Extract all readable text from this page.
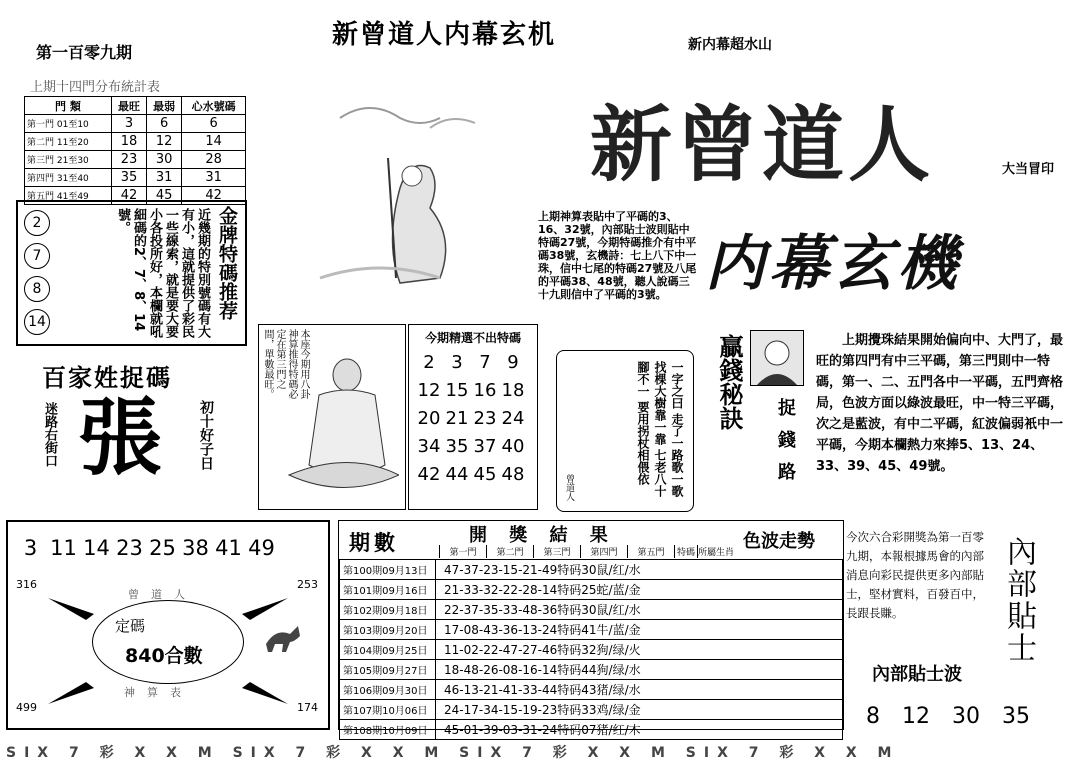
新曾道人内幕玄机
第一百零九期	新内幕超水山
上期十四門分布統計表
門 類	最旺	最弱	心水號碼
第一門 01至10	3	6	6
第二門 11至20	18	12	14
第三門 21至30	23	30	28
第四門 31至40	35	31	31
第五門 41至49	42	45	42
2
7
8
14	近幾期的特別號碼有大有小，這就提供了彩民一些線索，就是要大要小各投所好，本欄就吼細碼的2、7、8、14號。	金牌特碼推荐
百家姓捉碼
迷路右街口 張	初十好子日
上期神算表貼中了平碼的3、16、32號，內部貼士波則貼中特碼27號，今期特碼推介有中平碼38號，玄機詩：七上八下中一珠，信中七尾的特碼27號及八尾的平碼38、48號，聽人說碼三十九則信中了平碼的3號。
新曾道人	大当冒印
内幕玄機
本座今期用八卦神算推得特碼必定在第三門之間，單數最旺。	今期精選不出特碼
2 3 7 9
12 15 16 18
20 21 23 24
34 35 37 40
42 44 45 48	一字之曰 走了一路歌一歌 找棵大樹靠一靠 七老八十腳不一 要用拐杖相偎依
曾道人
贏錢秘訣
捉錢路
上期攪珠結果開始偏向中、大門了，最旺的第四門有中三平碼，第三門則中一特碼，第一、二、五門各中一平碼，五門齊格局，色波方面以綠波最旺，中一特三平碼，次之是藍波，有中二平碼，紅波偏弱衹中一平碼，今期本欄熱力來捧5、13、24、33、39、45、49號。
3 11 14 23 25 38 41 49
316	253
499	174
曾道人
神算表
定碼
840合數
期數	開 獎 結 果	色波走勢
第一門 第二門 第三門 第四門 第五門 特碼 所屬生肖
第100期09月13日	47-37-23-15-21-49特码30鼠/红/水
第101期09月16日	21-33-32-22-28-14特码25蛇/蓝/金
第102期09月18日	22-37-35-33-48-36特码30鼠/红/水
第103期09月20日	17-08-43-36-13-24特码41牛/蓝/金
第104期09月25日	11-02-22-47-27-46特码32狗/绿/火
第105期09月27日	18-48-26-08-16-14特码44狗/绿/水
第106期09月30日	46-13-21-41-33-44特码43猪/绿/水
第107期10月06日	24-17-34-15-19-23特码33鸡/绿/金
第108期10月09日	45-01-39-03-31-24特码07猪/红/木
今次六合彩開獎為第一百零九期，本報根據馬會的內部消息向彩民提供更多內部貼士，堅材實料，百發百中，長跟長賺。	內部貼士
內部貼士波
8 12 30 35
SIX 7 彩 X X M SIX 7 彩 X X M SIX 7 彩 X X M SIX 7 彩 X X M
